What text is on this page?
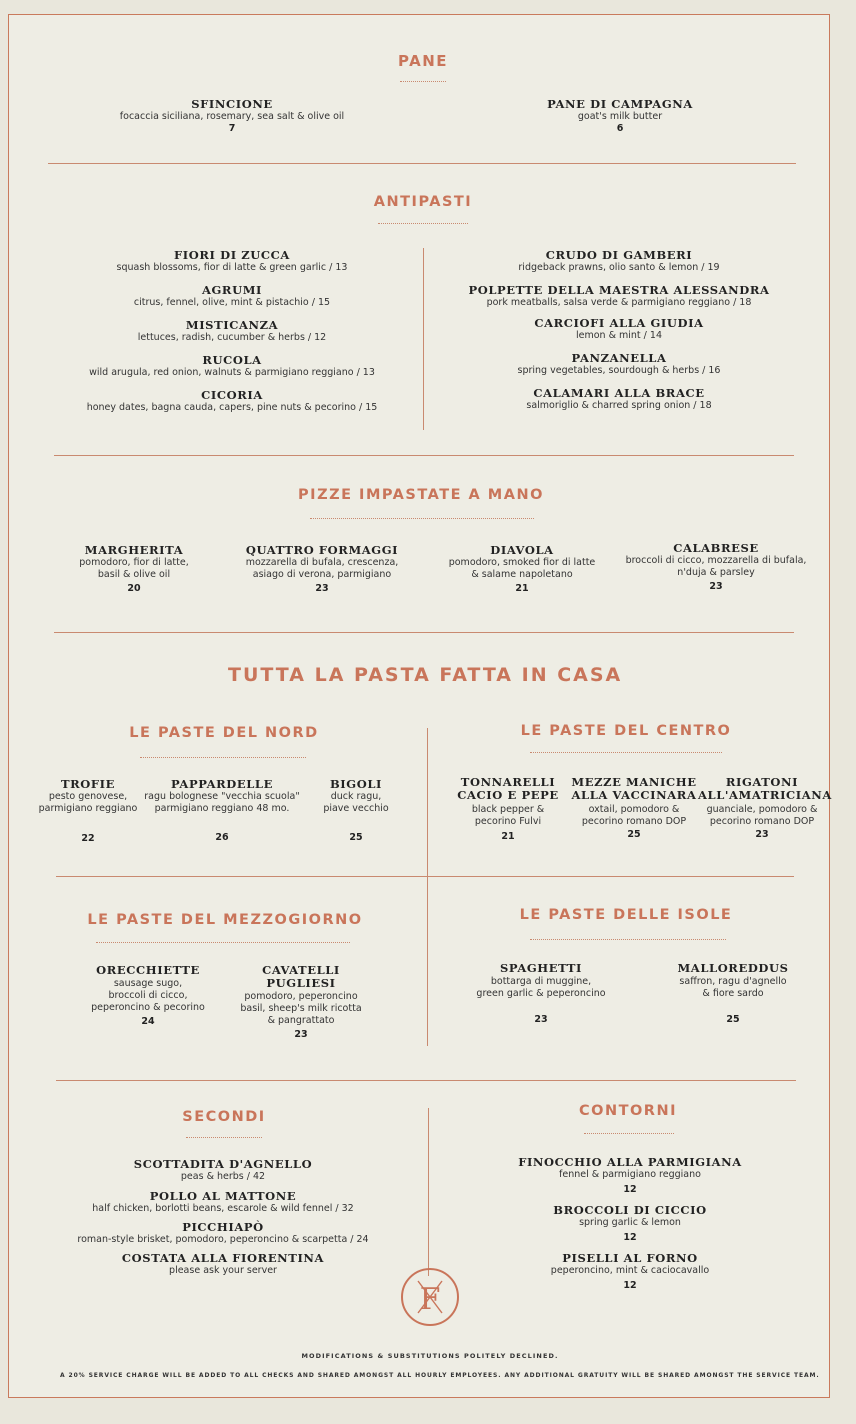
PANE
SFINCIONE
focaccia siciliana, rosemary, sea salt & olive oil
7
PANE DI CAMPAGNA
goat's milk butter
6
ANTIPASTI
FIORI DI ZUCCA
squash blossoms, fior di latte & green garlic / 13
AGRUMI
citrus, fennel, olive, mint & pistachio / 15
MISTICANZA
lettuces, radish, cucumber & herbs / 12
RUCOLA
wild arugula, red onion, walnuts & parmigiano reggiano / 13
CICORIA
honey dates, bagna cauda, capers, pine nuts & pecorino / 15
CRUDO DI GAMBERI
ridgeback prawns, olio santo & lemon / 19
POLPETTE DELLA MAESTRA ALESSANDRA
pork meatballs, salsa verde & parmigiano reggiano / 18
CARCIOFI ALLA GIUDIA
lemon & mint / 14
PANZANELLA
spring vegetables, sourdough & herbs / 16
CALAMARI ALLA BRACE
salmoriglio & charred spring onion / 18
PIZZE IMPASTATE A MANO
MARGHERITA
pomodoro, fior di latte,
basil & olive oil
20
QUATTRO FORMAGGI
mozzarella di bufala, crescenza,
asiago di verona, parmigiano
23
DIAVOLA
pomodoro, smoked fior di latte
& salame napoletano
21
CALABRESE
broccoli di cicco, mozzarella di bufala,
n'duja & parsley
23
TUTTA LA PASTA FATTA IN CASA
LE PASTE DEL NORD
TROFIE
pesto genovese,
parmigiano reggiano
22
PAPPARDELLE
ragu bolognese "vecchia scuola"
parmigiano reggiano 48 mo.
26
BIGOLI
duck ragu,
piave vecchio
25
LE PASTE DEL CENTRO
TONNARELLI
CACIO E PEPE
black pepper &
pecorino Fulvi
21
MEZZE MANICHE
ALLA VACCINARA
oxtail, pomodoro &
pecorino romano DOP
25
RIGATONI
ALL'AMATRICIANA
guanciale, pomodoro &
pecorino romano DOP
23
LE PASTE DEL MEZZOGIORNO
ORECCHIETTE
sausage sugo,
broccoli di cicco,
peperoncino & pecorino
24
CAVATELLI PUGLIESI
pomodoro, peperoncino
basil, sheep's milk ricotta
& pangrattato
23
LE PASTE DELLE ISOLE
SPAGHETTI
bottarga di muggine,
green garlic & peperoncino
23
MALLOREDDUS
saffron, ragu d'agnello
& fiore sardo
25
SECONDI
SCOTTADITA D'AGNELLO
peas & herbs / 42
POLLO AL MATTONE
half chicken, borlotti beans, escarole & wild fennel / 32
PICCHIAPÒ
roman-style brisket, pomodoro, peperoncino & scarpetta / 24
COSTATA ALLA FIORENTINA
please ask your server
CONTORNI
FINOCCHIO ALLA PARMIGIANA
fennel & parmigiano reggiano
12
BROCCOLI DI CICCIO
spring garlic & lemon
12
PISELLI AL FORNO
peperoncino, mint & caciocavallo
12
F
MODIFICATIONS & SUBSTITUTIONS POLITELY DECLINED.
A 20% SERVICE CHARGE WILL BE ADDED TO ALL CHECKS AND SHARED AMONGST ALL HOURLY EMPLOYEES. ANY ADDITIONAL GRATUITY WILL BE SHARED AMONGST THE SERVICE TEAM.
